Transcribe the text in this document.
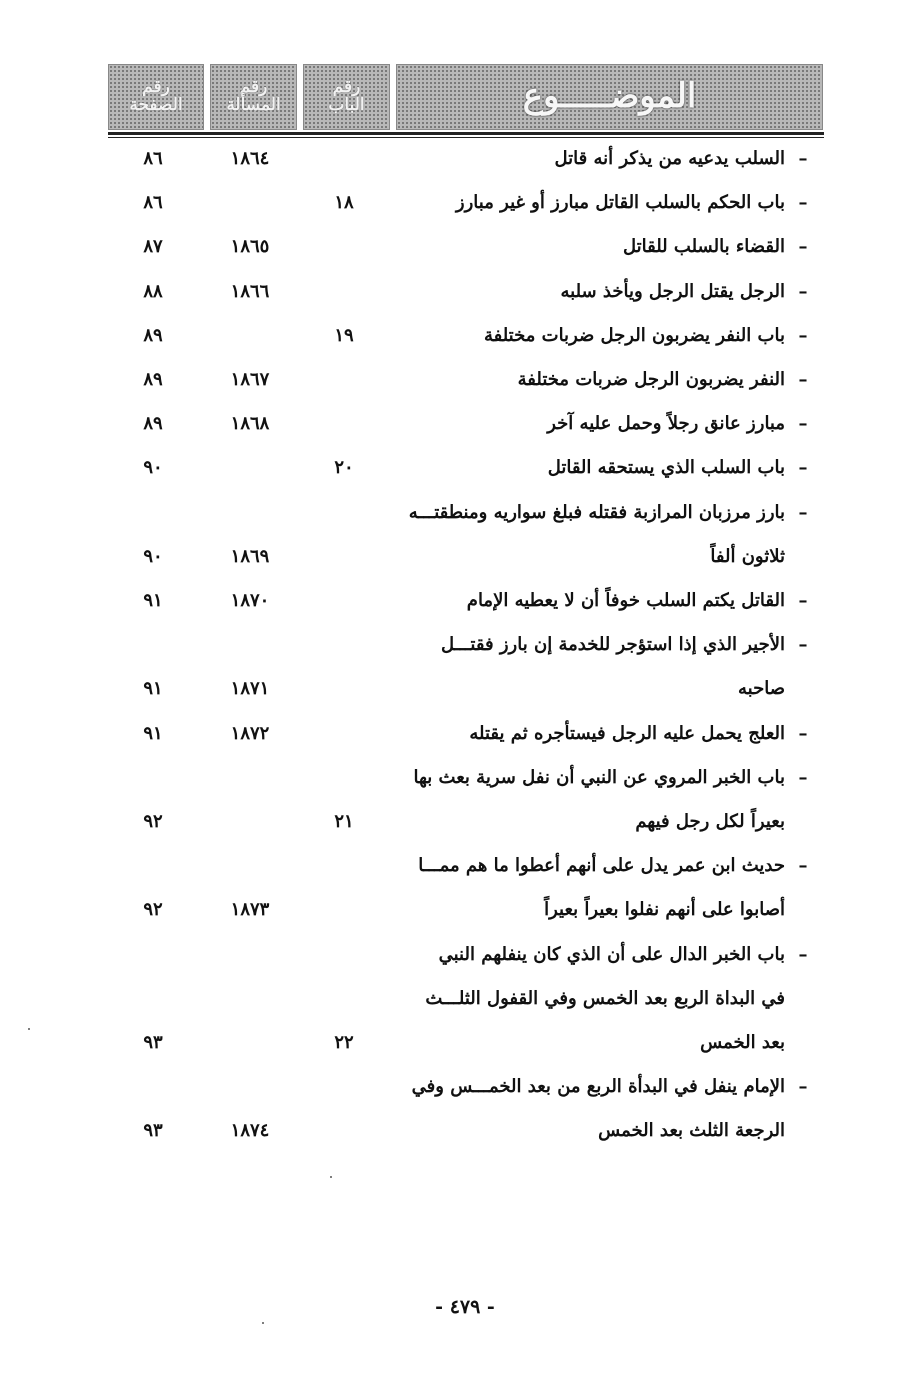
الموضـــــوع
رقم
الباب
رقم
المسألة
رقم
الصفحة
السلب يدعيه من يذكر أنه قاتل –
١٨٦٤
٨٦
باب الحكم بالسلب القاتل مبارز أو غير مبارز –
١٨
٨٦
القضاء بالسلب للقاتل –
١٨٦٥
٨٧
الرجل يقتل الرجل ويأخذ سلبه –
١٨٦٦
٨٨
باب النفر يضربون الرجل ضربات مختلفة –
١٩
٨٩
النفر يضربون الرجل ضربات مختلفة –
١٨٦٧
٨٩
مبارز عانق رجلاً وحمل عليه آخر –
١٨٦٨
٨٩
باب السلب الذي يستحقه القاتل –
٢٠
٩٠
بارز مرزبان المرازبة فقتله فبلغ سواريه ومنطقتـــه –
ثلاثون ألفاً
١٨٦٩
٩٠
القاتل يكتم السلب خوفاً أن لا يعطيه الإمام –
١٨٧٠
٩١
الأجير الذي إذا استؤجر للخدمة إن بارز فقتـــل –
صاحبه
١٨٧١
٩١
العلج يحمل عليه الرجل فيستأجره ثم يقتله –
١٨٧٢
٩١
باب الخبر المروي عن النبي أن نفل سرية بعث بها –
بعيراً لكل رجل فيهم
٢١
٩٢
حديث ابن عمر يدل على أنهم أعطوا ما هم ممـــا –
أصابوا على أنهم نفلوا بعيراً بعيراً
١٨٧٣
٩٢
باب الخبر الدال على أن الذي كان ينفلهم النبي –
في البداة الربع بعد الخمس وفي القفول الثلـــث
بعد الخمس
٢٢
٩٣
الإمام ينفل في البدأة الربع من بعد الخمـــس وفي –
الرجعة الثلث بعد الخمس
١٨٧٤
٩٣
- ٤٧٩ -
